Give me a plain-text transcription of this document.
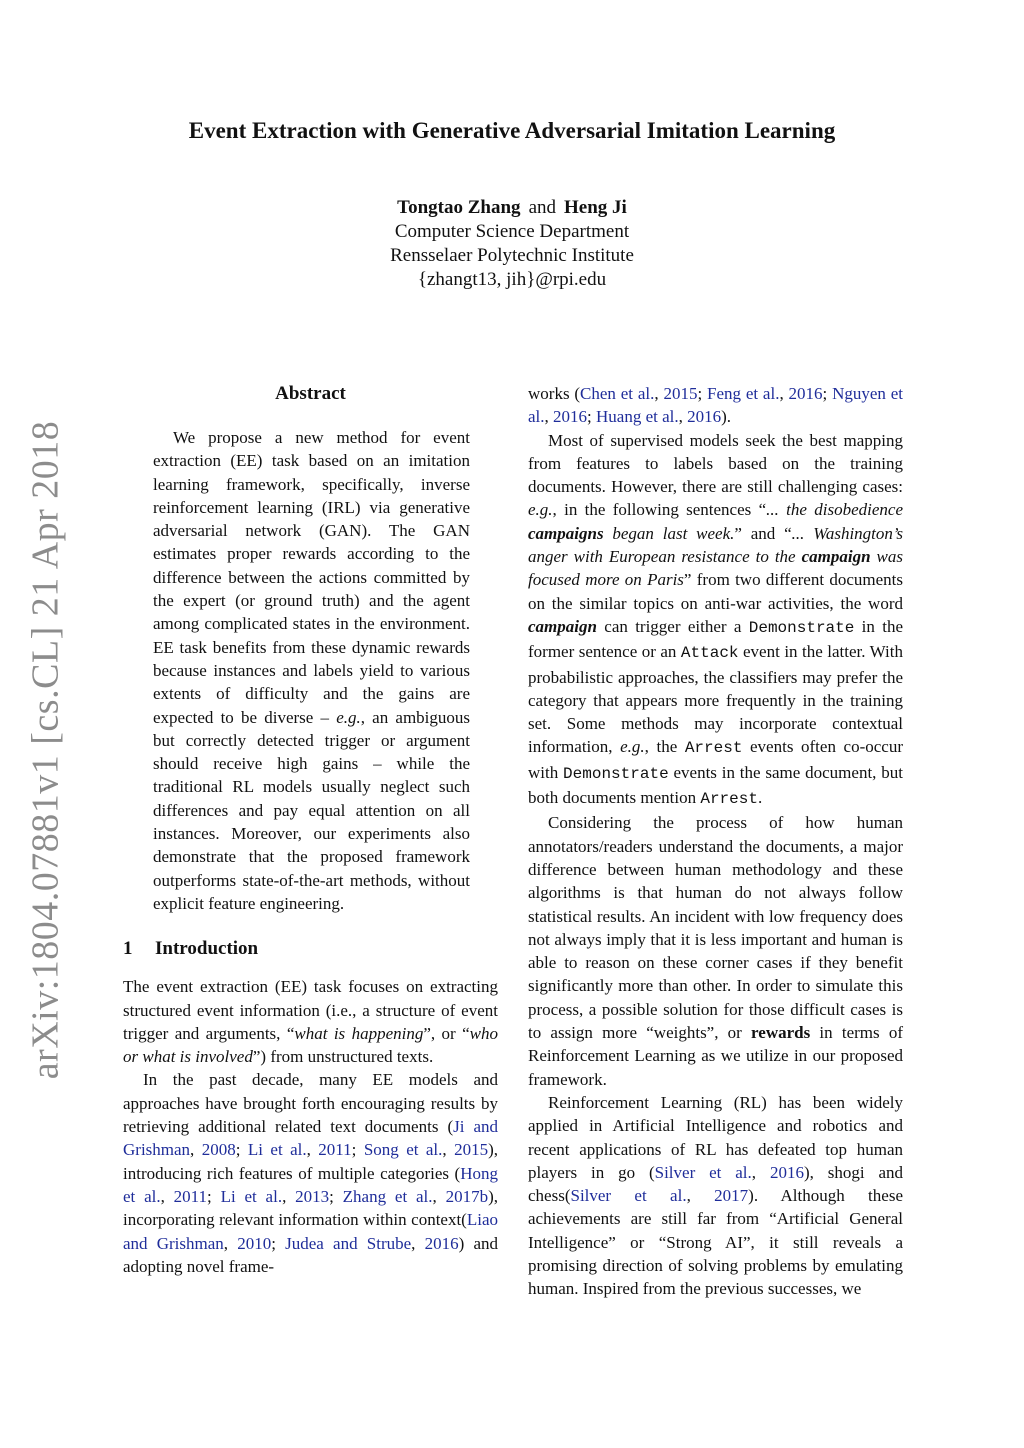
arXiv:1804.07881v1 [cs.CL] 21 Apr 2018
Event Extraction with Generative Adversarial Imitation Learning
Tongtao Zhang and Heng Ji
Computer Science Department
Rensselaer Polytechnic Institute
{zhangt13, jih}@rpi.edu
Abstract

We propose a new method for event extraction (EE) task based on an imitation learning framework, specifically, inverse reinforcement learning (IRL) via generative adversarial network (GAN). The GAN estimates proper rewards according to the difference between the actions committed by the expert (or ground truth) and the agent among complicated states in the environment. EE task benefits from these dynamic rewards because instances and labels yield to various extents of difficulty and the gains are expected to be diverse – e.g., an ambiguous but correctly detected trigger or argument should receive high gains – while the traditional RL models usually neglect such differences and pay equal attention on all instances. Moreover, our experiments also demonstrate that the proposed framework outperforms state-of-the-art methods, without explicit feature engineering.

1 Introduction

The event extraction (EE) task focuses on extracting structured event information (i.e., a structure of event trigger and arguments, “what is happening”, or “who or what is involved”) from unstructured texts.

In the past decade, many EE models and approaches have brought forth encouraging results by retrieving additional related text documents (Ji and Grishman, 2008; Li et al., 2011; Song et al., 2015), introducing rich features of multiple categories (Hong et al., 2011; Li et al., 2013; Zhang et al., 2017b), incorporating relevant information within context(Liao and Grishman, 2010; Judea and Strube, 2016) and adopting novel frame-

works (Chen et al., 2015; Feng et al., 2016; Nguyen et al., 2016; Huang et al., 2016).

Most of supervised models seek the best mapping from features to labels based on the training documents. However, there are still challenging cases: e.g., in the following sentences “... the disobedience campaigns began last week.” and “... Washington’s anger with European resistance to the campaign was focused more on Paris” from two different documents on the similar topics on anti-war activities, the word campaign can trigger either a Demonstrate in the former sentence or an Attack event in the latter. With probabilistic approaches, the classifiers may prefer the category that appears more frequently in the training set. Some methods may incorporate contextual information, e.g., the Arrest events often co-occur with Demonstrate events in the same document, but both documents mention Arrest.

Considering the process of how human annotators/readers understand the documents, a major difference between human methodology and these algorithms is that human do not always follow statistical results. An incident with low frequency does not always imply that it is less important and human is able to reason on these corner cases if they benefit significantly more than other. In order to simulate this process, a possible solution for those difficult cases is to assign more “weights”, or rewards in terms of Reinforcement Learning as we utilize in our proposed framework.

Reinforcement Learning (RL) has been widely applied in Artificial Intelligence and robotics and recent applications of RL has defeated top human players in go (Silver et al., 2016), shogi and chess(Silver et al., 2017). Although these achievements are still far from “Artificial General Intelligence” or “Strong AI”, it still reveals a promising direction of solving problems by emulating human. Inspired from the previous successes, we
